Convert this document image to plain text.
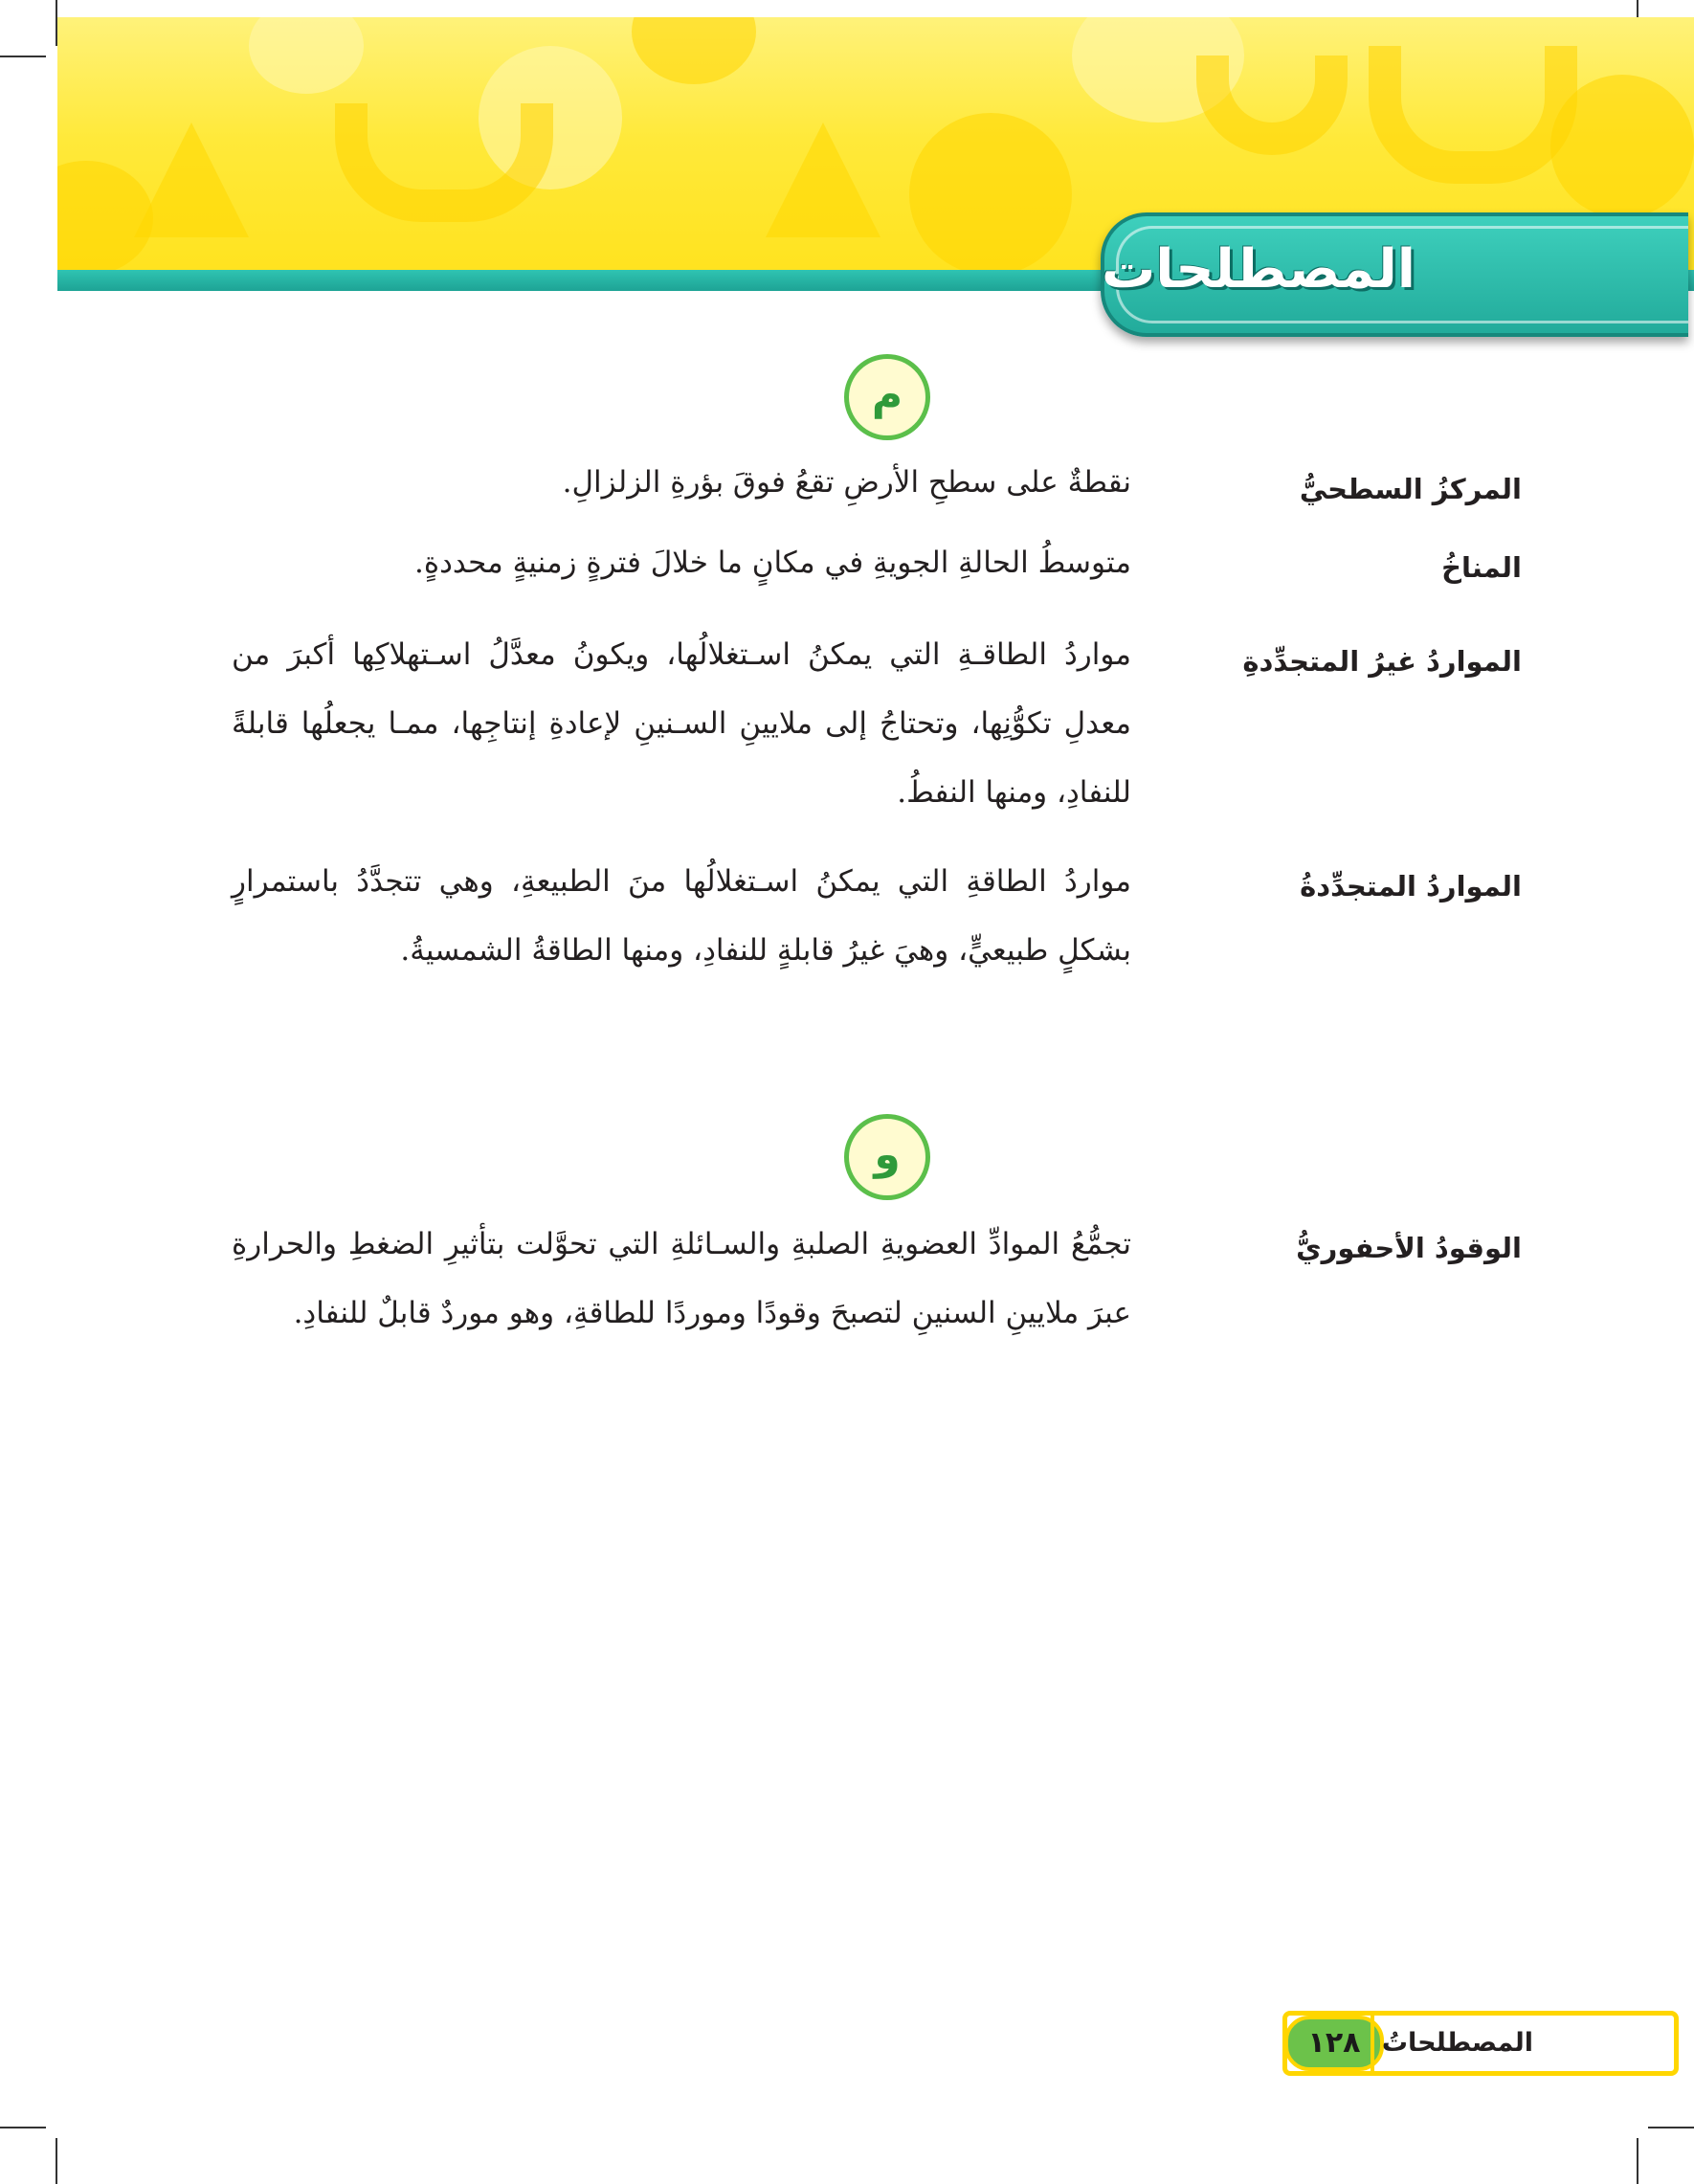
المصطلحات
م
المركزُ السطحيُّ
نقطةٌ على سطحِ الأرضِ تقعُ فوقَ بؤرةِ الزلزالِ.
المناخُ
متوسطُ الحالةِ الجويةِ في مكانٍ ما خلالَ فترةٍ زمنيةٍ محددةٍ.
المواردُ غيرُ المتجدِّدةِ
مواردُ الطاقـةِ التي يمكنُ اسـتغلالُها، ويكونُ معدَّلُ اسـتهلاكِها أكبرَ من معدلِ تكوُّنِها، وتحتاجُ إلى ملايينِ السـنينِ لإعادةِ إنتاجِها، ممـا يجعلُها قابلةً للنفادِ، ومنها النفطُ.
المواردُ المتجدِّدةُ
مواردُ الطاقةِ التي يمكنُ اسـتغلالُها منَ الطبيعةِ، وهي تتجدَّدُ باستمرارٍ بشكلٍ طبيعيٍّ، وهيَ غيرُ قابلةٍ للنفادِ، ومنها الطاقةُ الشمسيةُ.
و
الوقودُ الأحفوريُّ
تجمُّعُ الموادِّ العضويةِ الصلبةِ والسـائلةِ التي تحوَّلت بتأثيرِ الضغطِ والحرارةِ عبرَ ملايينِ السنينِ لتصبحَ وقودًا وموردًا للطاقةِ، وهو موردٌ قابلٌ للنفادِ.
١٢٨ المصطلحاتُ
